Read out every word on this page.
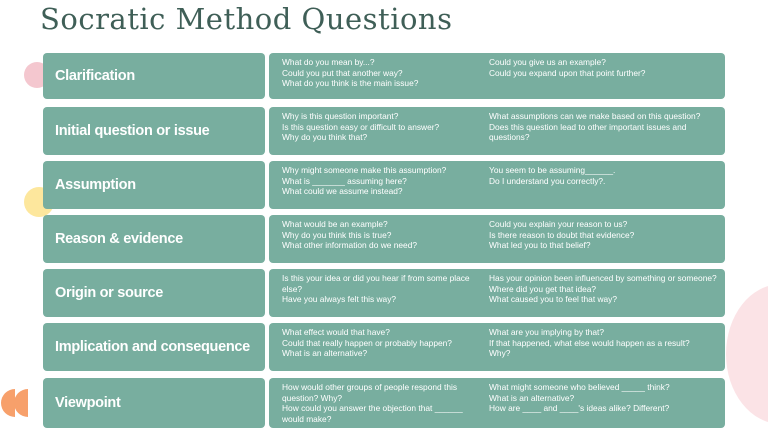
Socratic Method Questions
Clarification
What do you mean by...?
Could you put that another way?
What do you think is the main issue?
Could you give us an example?
Could you expand upon that point further?
Initial question or issue
Why is this question important?
Is this question easy or difficult to answer?
Why do you think that?
What assumptions can we make based on this question?
Does this question lead to other important issues and questions?
Assumption
Why might someone make this assumption?
What is _______ assuming here?
What could we assume instead?
You seem to be assuming______.
Do I understand you correctly?.
Reason & evidence
What would be an example?
Why do you think this is true?
What other information do we need?
Could you explain your reason to us?
Is there reason to doubt that evidence?
What led you to that belief?
Origin or source
Is this your idea or did you hear if from some place else?
Have you always felt this way?
Has your opinion been influenced by something or someone?
Where did you get that idea?
What caused you to feel that way?
Implication and consequence
What effect would that have?
Could that really happen or probably happen?
What is an alternative?
What are you implying by that?
If that happened, what else would happen as a result?
Why?
Viewpoint
How would other groups of people respond this question? Why?
How could you answer the objection that ______ would make?
What might someone who believed _____ think?
What is an alternative?
How are ____ and ____'s ideas alike? Different?
